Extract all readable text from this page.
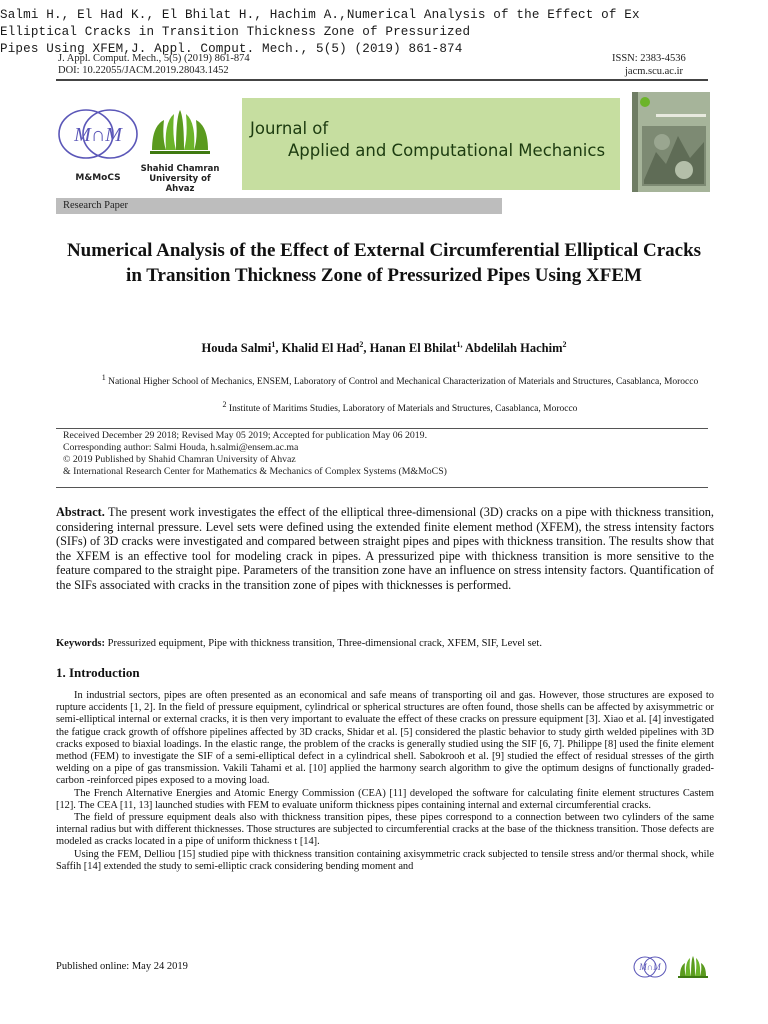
Salmi H., El Had K., El Bhilat H., Hachim A.,Numerical Analysis of the Effect of Ex
Elliptical Cracks in Transition Thickness Zone of Pressurized
Pipes Using XFEM,J. Appl. Comput. Mech., 5(5) (2019) 861-874
J. Appl. Comput. Mech., 5(5) (2019) 861-874
DOI: 10.22055/JACM.2019.28043.1452
ISSN: 2383-4536
jacm.scu.ac.ir
M∩M
M&MoCS
Shahid Chamran
University of Ahvaz
Journal of
Applied and Computational Mechanics
Research Paper
Numerical Analysis of the Effect of External Circumferential Elliptical Cracks in Transition Thickness Zone of Pressurized Pipes Using XFEM
Houda Salmi$^1$, Khalid El Had$^2$, Hanan El Bhilat$^{1,}$ Abdelilah Hachim$^2$
$^1$ National Higher School of Mechanics, ENSEM, Laboratory of Control and Mechanical Characterization of Materials and Structures, Casablanca, Morocco
$^2$ Institute of Maritims Studies, Laboratory of Materials and Structures, Casablanca, Morocco
Received December 29 2018; Revised May 05 2019; Accepted for publication May 06 2019.
Corresponding author: Salmi Houda, h.salmi@ensem.ac.ma
© 2019 Published by Shahid Chamran University of Ahvaz
& International Research Center for Mathematics & Mechanics of Complex Systems (M&MoCS)
Abstract. The present work investigates the effect of the elliptical three-dimensional (3D) cracks on a pipe with thickness transition, considering internal pressure. Level sets were defined using the extended finite element method (XFEM), the stress intensity factors (SIFs) of 3D cracks were investigated and compared between straight pipes and pipes with thickness transition. The results show that the XFEM is an effective tool for modeling crack in pipes. A pressurized pipe with thickness transition is more sensitive to the feature compared to the straight pipe. Parameters of the transition zone have an influence on stress intensity factors. Quantification of the SIFs associated with cracks in the transition zone of pipes with thicknesses is performed.
Keywords: Pressurized equipment, Pipe with thickness transition, Three-dimensional crack, XFEM, SIF, Level set.
1. Introduction

In industrial sectors, pipes are often presented as an economical and safe means of transporting oil and gas. However, those structures are exposed to rupture accidents [1, 2]. In the field of pressure equipment, cylindrical or spherical structures are often found, those shells can be affected by axisymmetric or semi-elliptical internal or external cracks, it is then very important to evaluate the effect of these cracks on pressure equipment [3]. Xiao et al. [4] investigated the fatigue crack growth of offshore pipelines affected by 3D cracks, Shidar et al. [5] considered the plastic behavior to study girth welded pipelines with 3D cracks exposed to biaxial loadings. In the elastic range, the problem of the cracks is generally studied using the SIF [6, 7]. Philippe [8] used the finite element method (FEM) to investigate the SIF of a semi-elliptical defect in a cylindrical shell. Sabokrooh et al. [9] studied the effect of residual stresses of the girth welding on a pipe of gas transmission. Vakili Tahami et al. [10] applied the harmony search algorithm to give the optimum designs of functionally graded-carbon -reinforced pipes exposed to a moving load.

The French Alternative Energies and Atomic Energy Commission (CEA) [11] developed the software for calculating finite element structures Castem [12]. The CEA [11, 13] launched studies with FEM to evaluate uniform thickness pipes containing internal and external circumferential cracks.

The field of pressure equipment deals also with thickness transition pipes, these pipes correspond to a connection between two cylinders of the same internal radius but with different thicknesses. Those structures are subjected to circumferential cracks at the base of the thickness transition. Those defects are modeled as cracks located in a pipe of uniform thickness t [14].

Using the FEM, Delliou [15] studied pipe with thickness transition containing axisymmetric crack subjected to tensile stress and/or thermal shock, while Saffih [14] extended the study to semi-elliptic crack considering bending moment and

Published online: May 24 2019	M∩M
